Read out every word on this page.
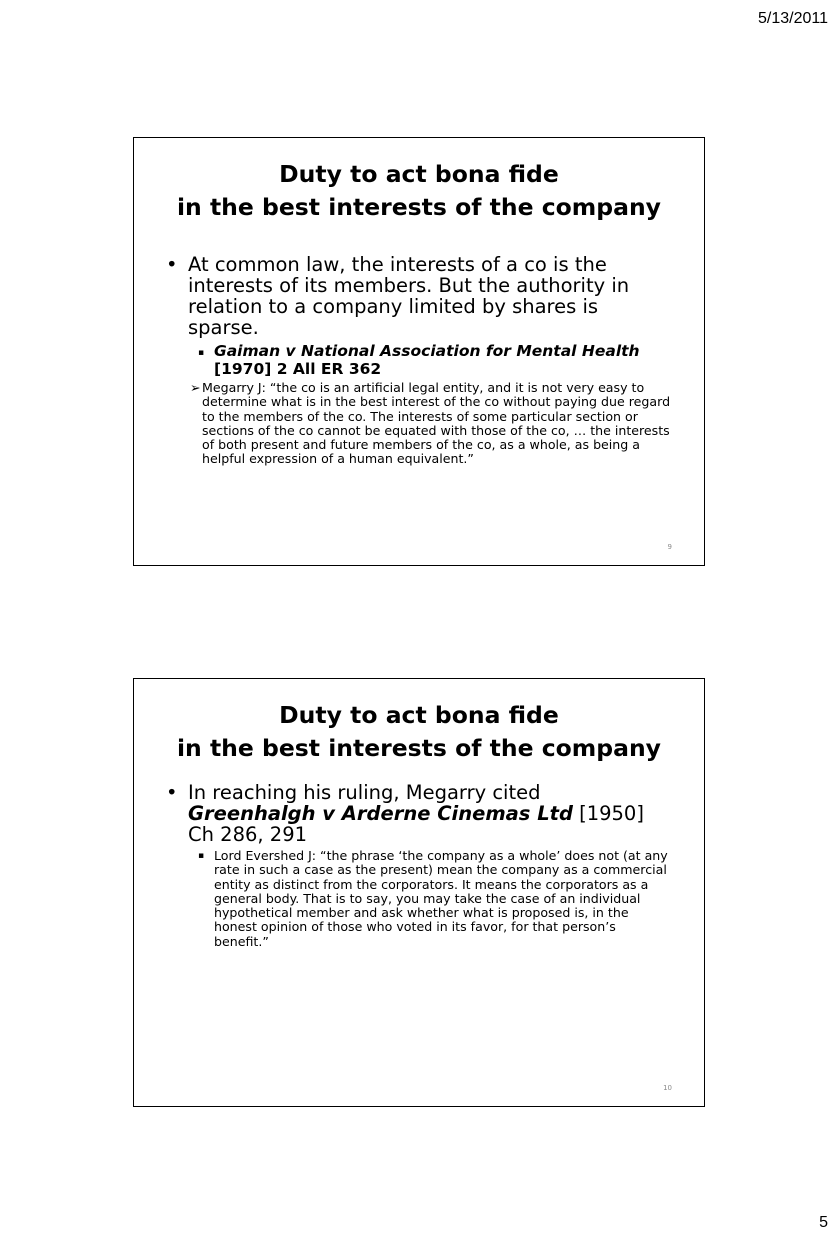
5/13/2011
Duty to act bona fide
in the best interests of the company
• At common law, the interests of a co is the interests of its members. But the authority in relation to a company limited by shares is sparse.
▪ Gaiman v National Association for Mental Health
[1970] 2 All ER 362
➢ Megarry J: “the co is an artificial legal entity, and it is not very easy to determine what is in the best interest of the co without paying due regard to the members of the co. The interests of some particular section or sections of the co cannot be equated with those of the co, … the interests of both present and future members of the co, as a whole, as being a helpful expression of a human equivalent.”
9
Duty to act bona fide
in the best interests of the company
• In reaching his ruling, Megarry cited Greenhalgh v Arderne Cinemas Ltd [1950] Ch 286, 291
▪ Lord Evershed J: “the phrase ‘the company as a whole’ does not (at any rate in such a case as the present) mean the company as a commercial entity as distinct from the corporators. It means the corporators as a general body. That is to say, you may take the case of an individual hypothetical member and ask whether what is proposed is, in the honest opinion of those who voted in its favor, for that person’s benefit.”
10
5
